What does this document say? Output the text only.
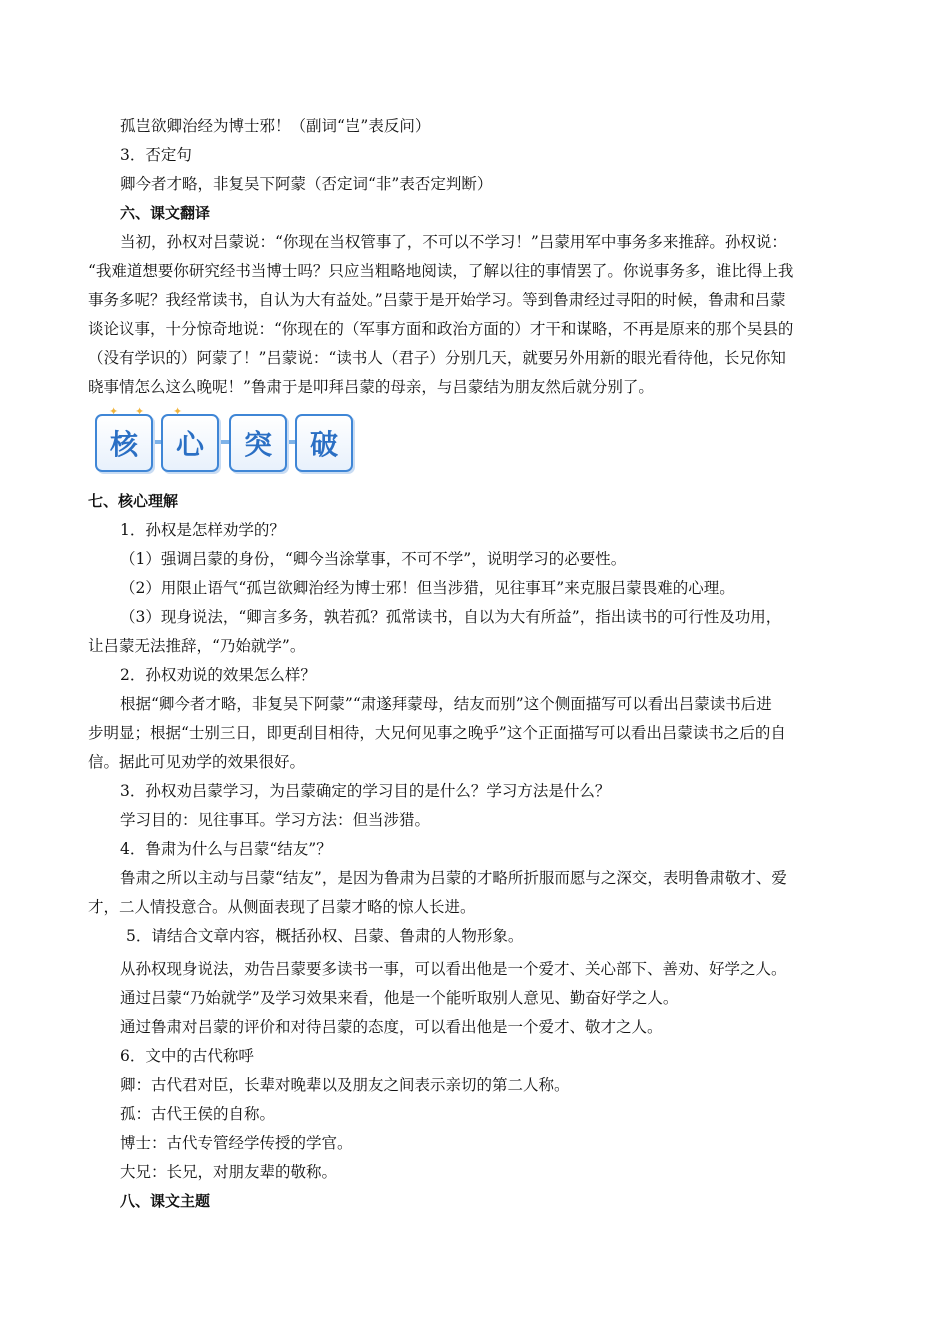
孤岂欲卿治经为博士邪！（副词“岂”表反问）
3．否定句
卿今者才略，非复吴下阿蒙（否定词“非”表否定判断）
六、课文翻译
当初，孙权对吕蒙说：“你现在当权管事了，不可以不学习！”吕蒙用军中事务多来推辞。孙权说：
“我难道想要你研究经书当博士吗？只应当粗略地阅读，了解以往的事情罢了。你说事务多，谁比得上我
事务多呢？我经常读书，自认为大有益处。”吕蒙于是开始学习。等到鲁肃经过寻阳的时候，鲁肃和吕蒙
谈论议事，十分惊奇地说：“你现在的（军事方面和政治方面的）才干和谋略，不再是原来的那个吴县的
（没有学识的）阿蒙了！”吕蒙说：“读书人（君子）分别几天，就要另外用新的眼光看待他，长兄你知
晓事情怎么这么晚呢！”鲁肃于是叩拜吕蒙的母亲，与吕蒙结为朋友然后就分别了。
核	心	突	破
✦ ✦	✦
七、核心理解
1．孙权是怎样劝学的？
（1）强调吕蒙的身份，“卿今当涂掌事，不可不学”，说明学习的必要性。
（2）用限止语气“孤岂欲卿治经为博士邪！但当涉猎，见往事耳”来克服吕蒙畏难的心理。
（3）现身说法，“卿言多务，孰若孤？孤常读书，自以为大有所益”，指出读书的可行性及功用，
让吕蒙无法推辞，“乃始就学”。
2．孙权劝说的效果怎么样？
根据“卿今者才略，非复吴下阿蒙”“肃遂拜蒙母，结友而别”这个侧面描写可以看出吕蒙读书后进
步明显；根据“士别三日，即更刮目相待，大兄何见事之晚乎”这个正面描写可以看出吕蒙读书之后的自
信。据此可见劝学的效果很好。
3．孙权劝吕蒙学习，为吕蒙确定的学习目的是什么？学习方法是什么？
学习目的：见往事耳。学习方法：但当涉猎。
4．鲁肃为什么与吕蒙“结友”？
鲁肃之所以主动与吕蒙“结友”，是因为鲁肃为吕蒙的才略所折服而愿与之深交，表明鲁肃敬才、爱
才，二人情投意合。从侧面表现了吕蒙才略的惊人长进。
5．请结合文章内容，概括孙权、吕蒙、鲁肃的人物形象。
从孙权现身说法，劝告吕蒙要多读书一事，可以看出他是一个爱才、关心部下、善劝、好学之人。
通过吕蒙“乃始就学”及学习效果来看，他是一个能听取别人意见、勤奋好学之人。
通过鲁肃对吕蒙的评价和对待吕蒙的态度，可以看出他是一个爱才、敬才之人。
6．文中的古代称呼
卿：古代君对臣，长辈对晚辈以及朋友之间表示亲切的第二人称。
孤：古代王侯的自称。
博士：古代专管经学传授的学官。
大兄：长兄，对朋友辈的敬称。
八、课文主题
